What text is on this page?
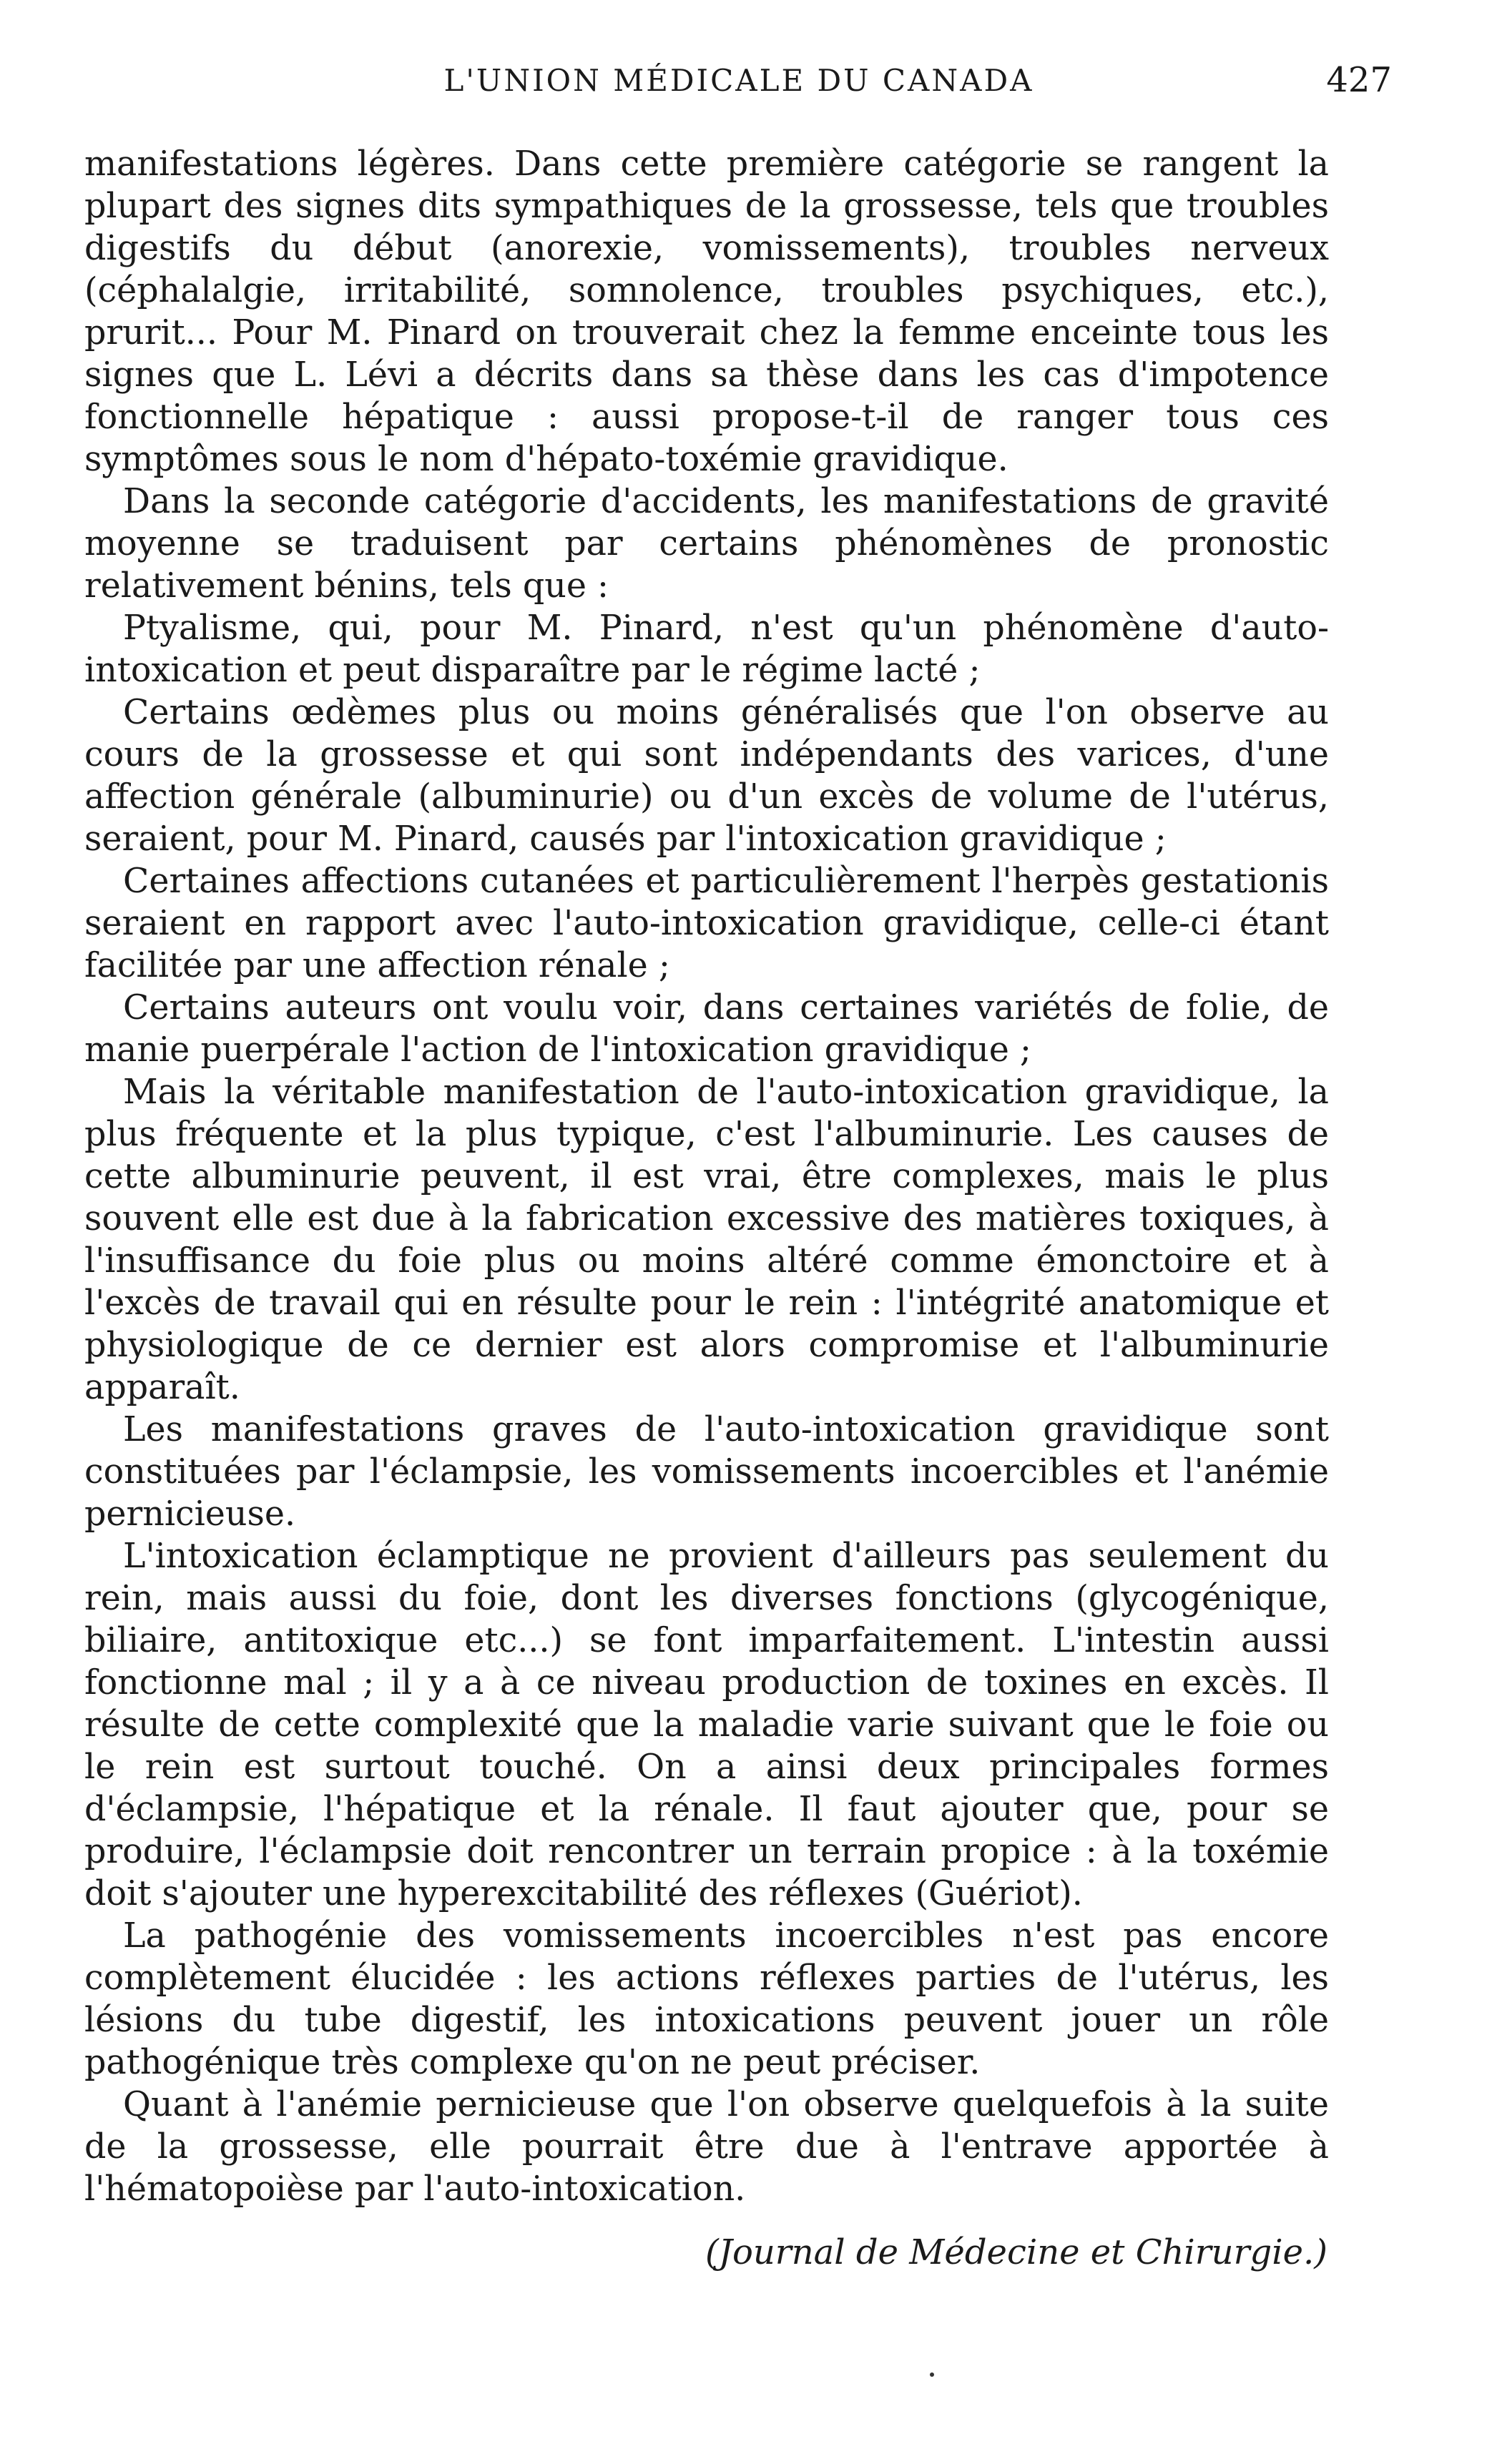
L'UNION MÉDICALE DU CANADA	427

manifestations légères. Dans cette première catégorie se rangent la plupart des signes dits sympathiques de la grossesse, tels que troubles digestifs du début (anorexie, vomissements), troubles nerveux (céphalalgie, irritabilité, somnolence, troubles psychiques, etc.), prurit... Pour M. Pinard on trouverait chez la femme enceinte tous les signes que L. Lévi a décrits dans sa thèse dans les cas d'impotence fonctionnelle hépatique : aussi propose-t-il de ranger tous ces symptômes sous le nom d'hépato-toxémie gravidique.

Dans la seconde catégorie d'accidents, les manifestations de gravité moyenne se traduisent par certains phénomènes de pronostic relativement bénins, tels que :

Ptyalisme, qui, pour M. Pinard, n'est qu'un phénomène d'auto-intoxication et peut disparaître par le régime lacté ;

Certains œdèmes plus ou moins généralisés que l'on observe au cours de la grossesse et qui sont indépendants des varices, d'une affection générale (albuminurie) ou d'un excès de volume de l'utérus, seraient, pour M. Pinard, causés par l'intoxication gravidique ;

Certaines affections cutanées et particulièrement l'herpès gestationis seraient en rapport avec l'auto-intoxication gravidique, celle-ci étant facilitée par une affection rénale ;

Certains auteurs ont voulu voir, dans certaines variétés de folie, de manie puerpérale l'action de l'intoxication gravidique ;

Mais la véritable manifestation de l'auto-intoxication gravidique, la plus fréquente et la plus typique, c'est l'albuminurie. Les causes de cette albuminurie peuvent, il est vrai, être complexes, mais le plus souvent elle est due à la fabrication excessive des matières toxiques, à l'insuffisance du foie plus ou moins altéré comme émonctoire et à l'excès de travail qui en résulte pour le rein : l'intégrité anatomique et physiologique de ce dernier est alors compromise et l'albuminurie apparaît.

Les manifestations graves de l'auto-intoxication gravidique sont constituées par l'éclampsie, les vomissements incoercibles et l'anémie pernicieuse.

L'intoxication éclamptique ne provient d'ailleurs pas seulement du rein, mais aussi du foie, dont les diverses fonctions (glycogénique, biliaire, antitoxique etc...) se font imparfaitement. L'intestin aussi fonctionne mal ; il y a à ce niveau production de toxines en excès. Il résulte de cette complexité que la maladie varie suivant que le foie ou le rein est surtout touché. On a ainsi deux principales formes d'éclampsie, l'hépatique et la rénale. Il faut ajouter que, pour se produire, l'éclampsie doit rencontrer un terrain propice : à la toxémie doit s'ajouter une hyperexcitabilité des réflexes (Guériot).

La pathogénie des vomissements incoercibles n'est pas encore complètement élucidée : les actions réflexes parties de l'utérus, les lésions du tube digestif, les intoxications peuvent jouer un rôle pathogénique très complexe qu'on ne peut préciser.

Quant à l'anémie pernicieuse que l'on observe quelquefois à la suite de la grossesse, elle pourrait être due à l'entrave apportée à l'hématopoièse par l'auto-intoxication.

(Journal de Médecine et Chirurgie.)
